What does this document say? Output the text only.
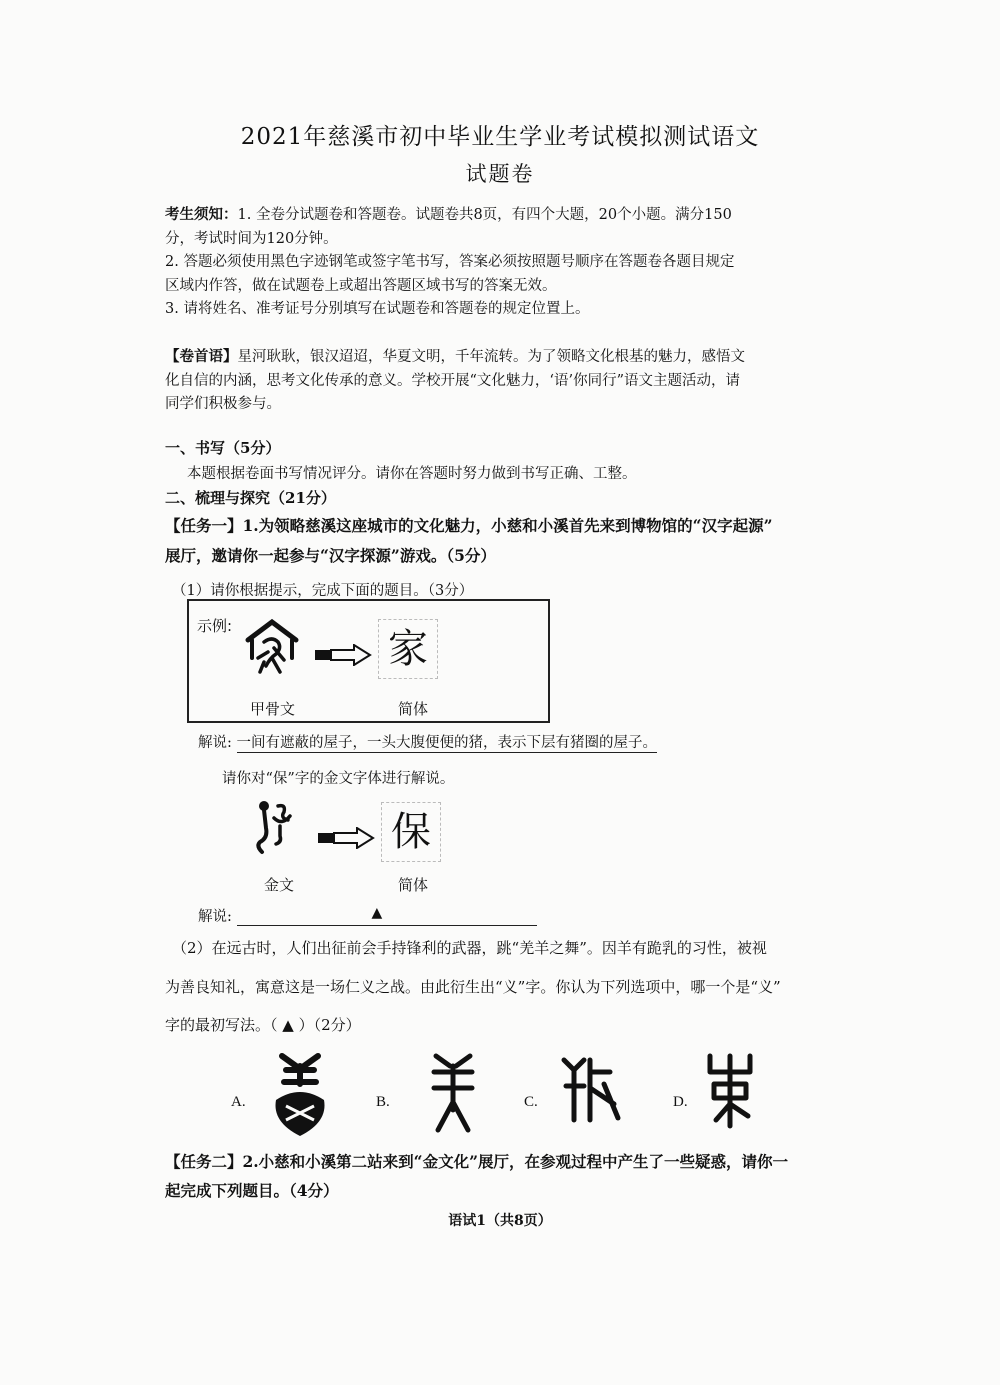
2021年慈溪市初中毕业生学业考试模拟测试语文
试题卷
考生须知：1. 全卷分试题卷和答题卷。试题卷共8页，有四个大题，20个小题。满分150
分，考试时间为120分钟。
2. 答题必须使用黑色字迹钢笔或签字笔书写，答案必须按照题号顺序在答题卷各题目规定
区域内作答，做在试题卷上或超出答题区域书写的答案无效。
3. 请将姓名、准考证号分别填写在试题卷和答题卷的规定位置上。
【卷首语】星河耿耿，银汉迢迢，华夏文明，千年流转。为了领略文化根基的魅力，感悟文
化自信的内涵，思考文化传承的意义。学校开展“文化魅力，‘语’你同行”语文主题活动，请
同学们积极参与。
一、书写（5分）
本题根据卷面书写情况评分。请你在答题时努力做到书写正确、工整。
二、梳理与探究（21分）
【任务一】1.为领略慈溪这座城市的文化魅力，小慈和小溪首先来到博物馆的“汉字起源”
展厅，邀请你一起参与“汉字探源”游戏。（5分）
（1）请你根据提示，完成下面的题目。（3分）
示例:	家
甲骨文	简体
解说: 一间有遮蔽的屋子，一头大腹便便的猪，表示下层有猪圈的屋子。
请你对“保”字的金文字体进行解说。
保
金文	简体
解说:	▲
（2）在远古时，人们出征前会手持锋利的武器，跳“羌羊之舞”。因羊有跪乳的习性，被视
为善良知礼，寓意这是一场仁义之战。由此衍生出“义”字。你认为下列选项中，哪一个是“义”
字的最初写法。（ ▲ ）（2分）
A.	B.	C.	D.
【任务二】2.小慈和小溪第二站来到“金文化”展厅，在参观过程中产生了一些疑惑，请你一
起完成下列题目。（4分）
语试1（共8页）
